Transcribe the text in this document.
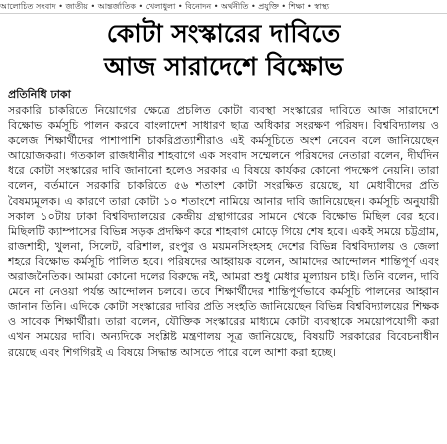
আলোচিত সংবাদ • জাতীয় • আন্তর্জাতিক • খেলাধুলা • বিনোদন • অর্থনীতি • প্রযুক্তি • শিক্ষা • স্বাস্থ্য
কোটা সংস্কারের দাবিতে
আজ সারাদেশে বিক্ষোভ
প্রতিনিধি ঢাকা

সরকারি চাকরিতে নিয়োগের ক্ষেত্রে প্রচলিত কোটা ব্যবস্থা সংস্কারের দাবিতে আজ সারাদেশে বিক্ষোভ কর্মসূচি পালন করবে বাংলাদেশ সাধারণ ছাত্র অধিকার সংরক্ষণ পরিষদ। বিশ্ববিদ্যালয় ও কলেজ শিক্ষার্থীদের পাশাপাশি চাকরিপ্রত্যাশীরাও এই কর্মসূচিতে অংশ নেবেন বলে জানিয়েছেন আয়োজকরা। গতকাল রাজধানীর শাহবাগে এক সংবাদ সম্মেলনে পরিষদের নেতারা বলেন, দীর্ঘদিন ধরে কোটা সংস্কারের দাবি জানানো হলেও সরকার এ বিষয়ে কার্যকর কোনো পদক্ষেপ নেয়নি। তারা বলেন, বর্তমানে সরকারি চাকরিতে ৫৬ শতাংশ কোটা সংরক্ষিত রয়েছে, যা মেধাবীদের প্রতি বৈষম্যমূলক। এ কারণে তারা কোটা ১০ শতাংশে নামিয়ে আনার দাবি জানিয়েছেন। কর্মসূচি অনুযায়ী সকাল ১০টায় ঢাকা বিশ্ববিদ্যালয়ের কেন্দ্রীয় গ্রন্থাগারের সামনে থেকে বিক্ষোভ মিছিল বের হবে। মিছিলটি ক্যাম্পাসের বিভিন্ন সড়ক প্রদক্ষিণ করে শাহবাগ মোড়ে গিয়ে শেষ হবে। একই সময়ে চট্টগ্রাম, রাজশাহী, খুলনা, সিলেট, বরিশাল, রংপুর ও ময়মনসিংহসহ দেশের বিভিন্ন বিশ্ববিদ্যালয় ও জেলা শহরে বিক্ষোভ কর্মসূচি পালিত হবে। পরিষদের আহ্বায়ক বলেন, আমাদের আন্দোলন শান্তিপূর্ণ এবং অরাজনৈতিক। আমরা কোনো দলের বিরুদ্ধে নই, আমরা শুধু মেধার মূল্যায়ন চাই। তিনি বলেন, দাবি মেনে না নেওয়া পর্যন্ত আন্দোলন চলবে। তবে শিক্ষার্থীদের শান্তিপূর্ণভাবে কর্মসূচি পালনের আহ্বান জানান তিনি। এদিকে কোটা সংস্কারের দাবির প্রতি সংহতি জানিয়েছেন বিভিন্ন বিশ্ববিদ্যালয়ের শিক্ষক ও সাবেক শিক্ষার্থীরা। তারা বলেন, যৌক্তিক সংস্কারের মাধ্যমে কোটা ব্যবস্থাকে সময়োপযোগী করা এখন সময়ের দাবি। অন্যদিকে সংশ্লিষ্ট মন্ত্রণালয় সূত্র জানিয়েছে, বিষয়টি সরকারের বিবেচনাধীন রয়েছে এবং শিগগিরই এ বিষয়ে সিদ্ধান্ত আসতে পারে বলে আশা করা হচ্ছে।
